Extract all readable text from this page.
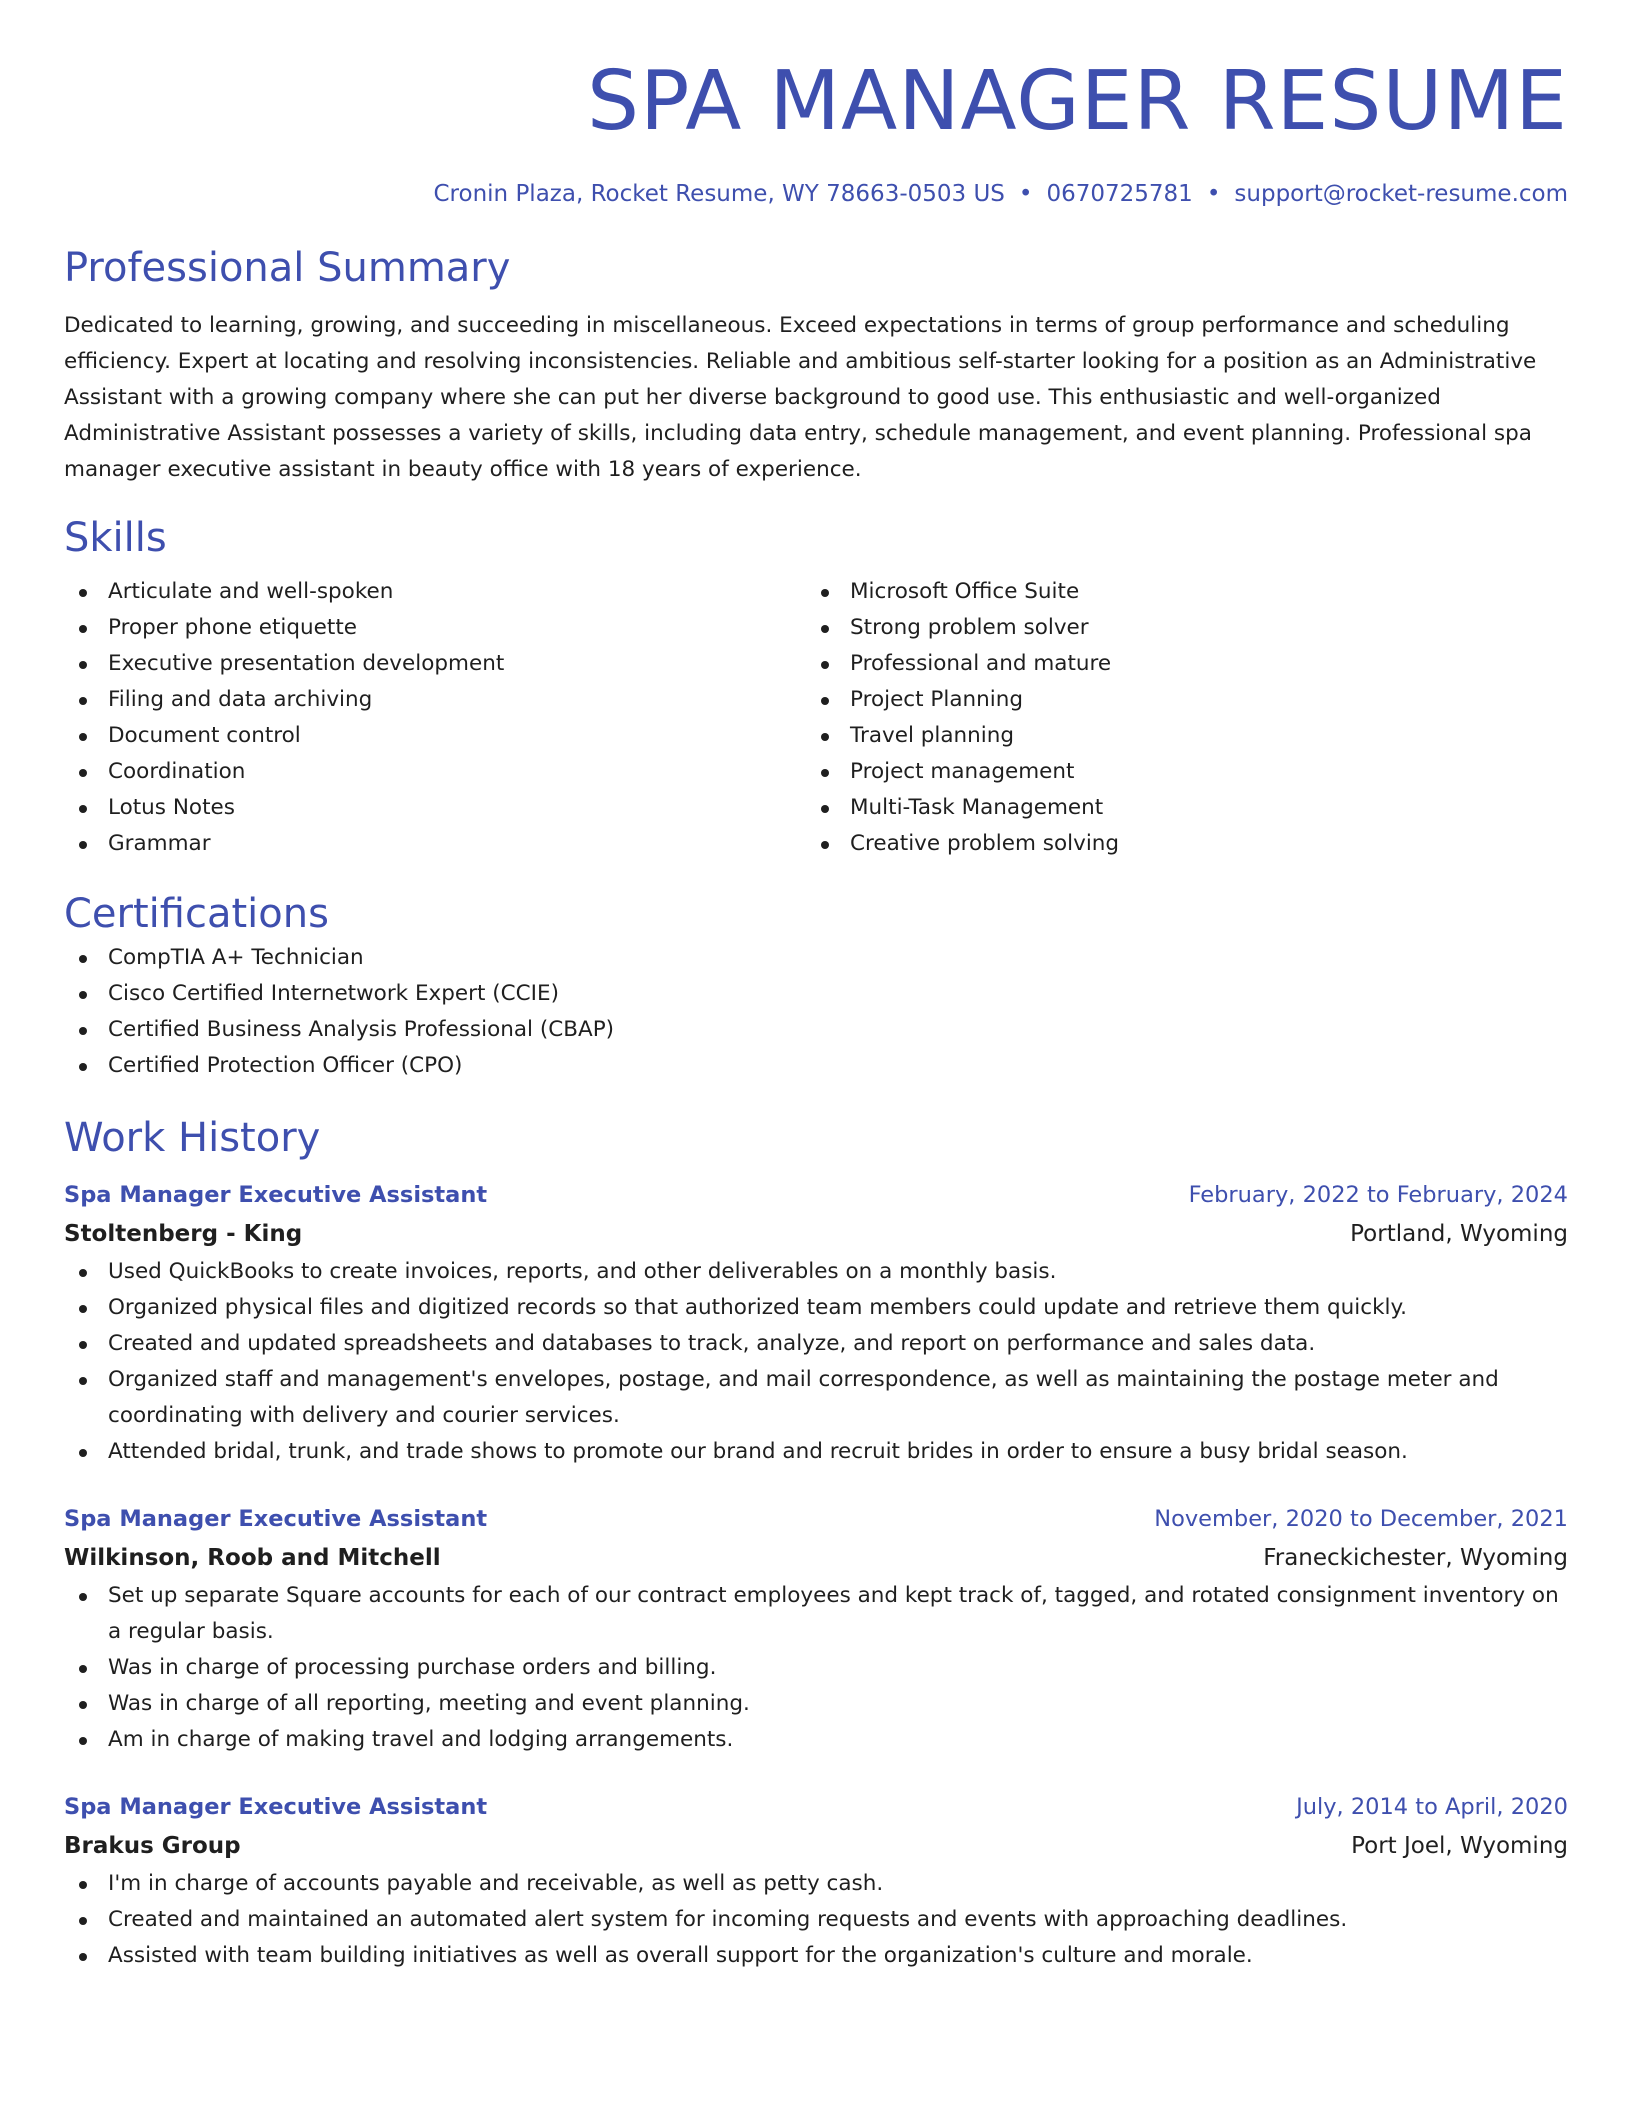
SPA MANAGER RESUME
Cronin Plaza, Rocket Resume, WY 78663-0503 US • 0670725781 • support@rocket-resume.com
Professional Summary

Dedicated to learning, growing, and succeeding in miscellaneous. Exceed expectations in terms of group performance and scheduling efficiency. Expert at locating and resolving inconsistencies. Reliable and ambitious self-starter looking for a position as an Administrative Assistant with a growing company where she can put her diverse background to good use. This enthusiastic and well-organized Administrative Assistant possesses a variety of skills, including data entry, schedule management, and event planning. Professional spa manager executive assistant in beauty office with 18 years of experience.

Skills
Articulate and well-spoken
Proper phone etiquette
Executive presentation development
Filing and data archiving
Document control
Coordination
Lotus Notes
Grammar
Microsoft Office Suite
Strong problem solver
Professional and mature
Project Planning
Travel planning
Project management
Multi-Task Management
Creative problem solving
Certifications
CompTIA A+ Technician
Cisco Certified Internetwork Expert (CCIE)
Certified Business Analysis Professional (CBAP)
Certified Protection Officer (CPO)
Work History
Spa Manager Executive Assistant	February, 2022 to February, 2024
Stoltenberg - King	Portland, Wyoming
Used QuickBooks to create invoices, reports, and other deliverables on a monthly basis.
Organized physical files and digitized records so that authorized team members could update and retrieve them quickly.
Created and updated spreadsheets and databases to track, analyze, and report on performance and sales data.
Organized staff and management's envelopes, postage, and mail correspondence, as well as maintaining the postage meter and coordinating with delivery and courier services.
Attended bridal, trunk, and trade shows to promote our brand and recruit brides in order to ensure a busy bridal season.
Spa Manager Executive Assistant	November, 2020 to December, 2021
Wilkinson, Roob and Mitchell	Franeckichester, Wyoming
Set up separate Square accounts for each of our contract employees and kept track of, tagged, and rotated consignment inventory on a regular basis.
Was in charge of processing purchase orders and billing.
Was in charge of all reporting, meeting and event planning.
Am in charge of making travel and lodging arrangements.
Spa Manager Executive Assistant	July, 2014 to April, 2020
Brakus Group	Port Joel, Wyoming
I'm in charge of accounts payable and receivable, as well as petty cash.
Created and maintained an automated alert system for incoming requests and events with approaching deadlines.
Assisted with team building initiatives as well as overall support for the organization's culture and morale.
